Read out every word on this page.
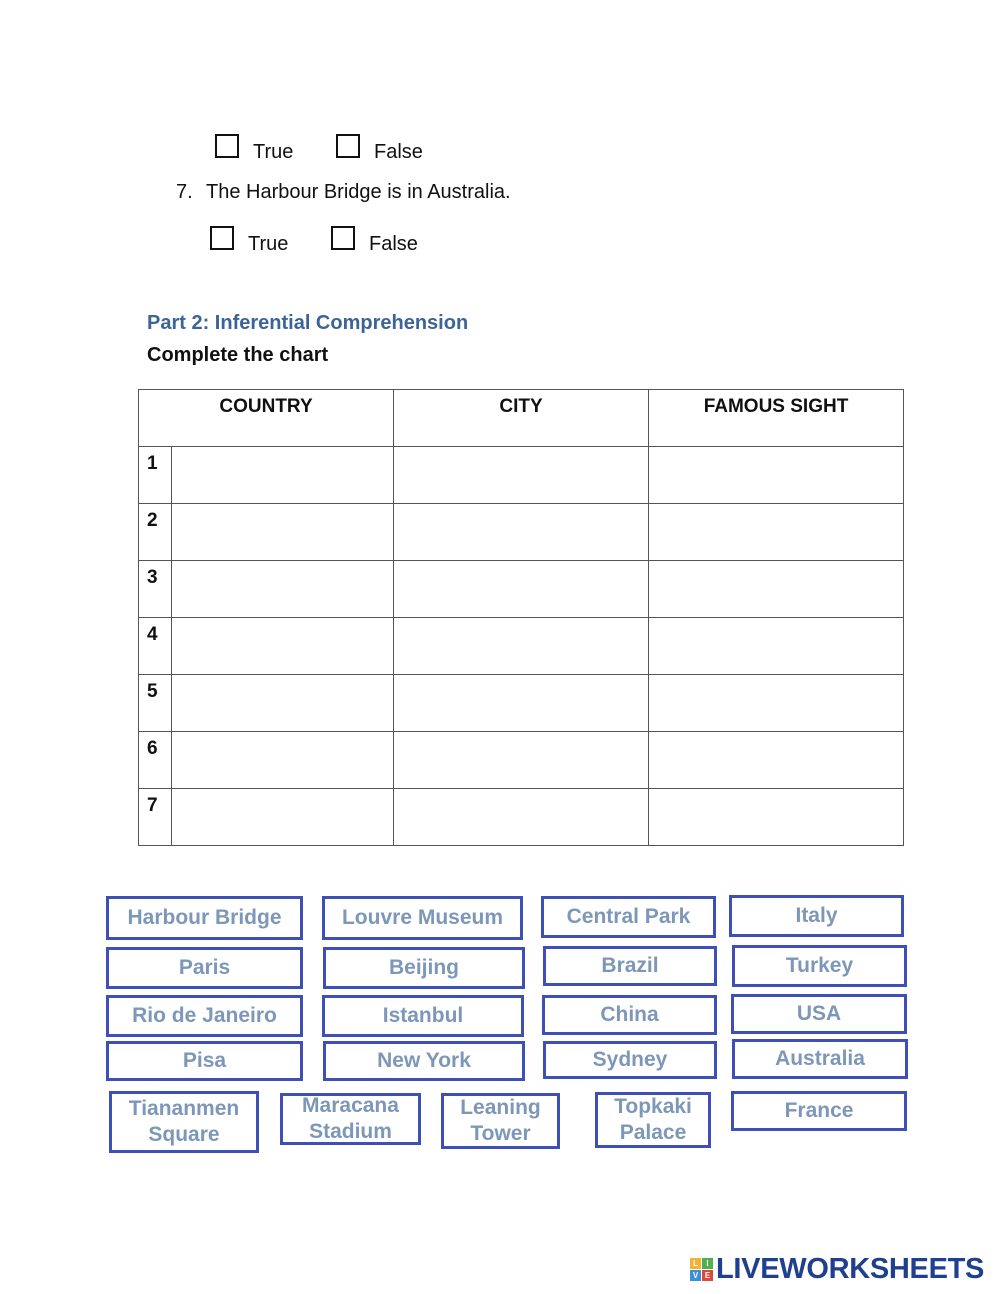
True	False
7. The Harbour Bridge is in Australia.
True	False
Part 2: Inferential Comprehension
Complete the chart
COUNTRY		CITY	FAMOUS SIGHT
1	

2	

3	

4	

5	

6	

7	

Harbour Bridge	Louvre Museum	Central Park	Italy
Paris	Beijing	Brazil	Turkey
Rio de Janeiro	Istanbul	China	USA
Pisa	New York	Sydney	Australia
Tiananmen
Square
Maracana
Stadium
Leaning
Tower
Topkaki
Palace
France
L	I
V E LIVEWORKSHEETS
